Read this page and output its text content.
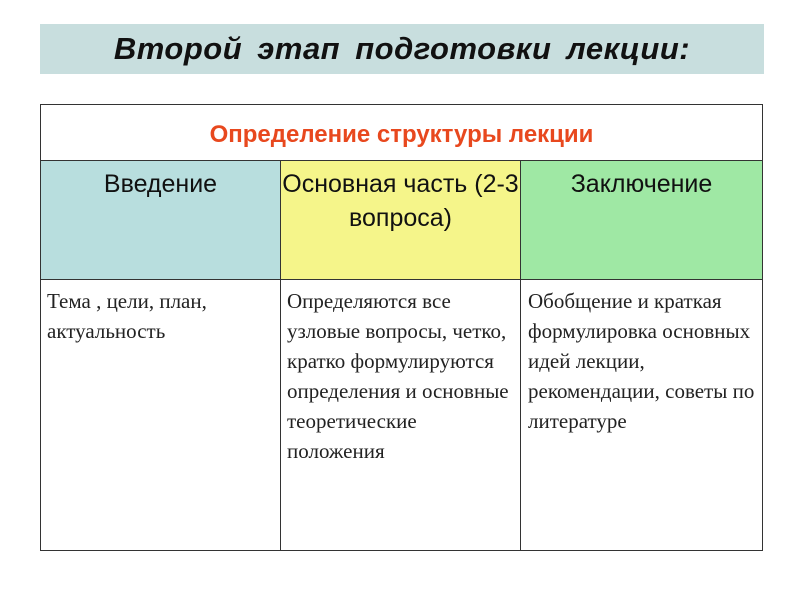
Второй этап подготовки лекции:
Определение структуры лекции		

Введение	Основная часть (2-3 вопроса)	Заключение

Тема , цели, план, актуальность	Определяются все узловые вопросы, четко, кратко формулируются определения и основные теоретические положения	Обобщение и краткая формулировка основных идей лекции, рекомендации, советы по литературе
